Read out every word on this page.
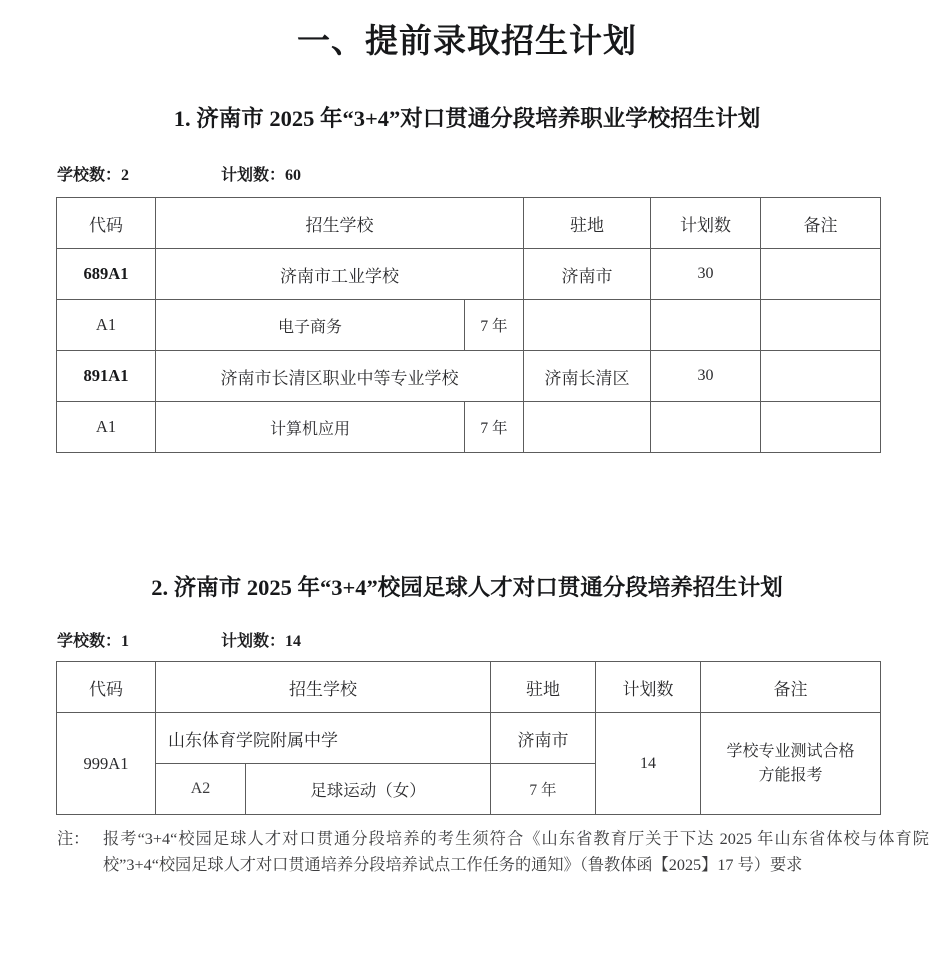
一、提前录取招生计划
1. 济南市 2025 年“3+4”对口贯通分段培养职业学校招生计划
学校数：2	计划数：60
代码	招生学校		驻地	计划数	备注
689A1	济南市工业学校		济南市	30	
A1	电子商务	7 年			
891A1	济南市长清区职业中等专业学校		济南长清区	30	
A1	计算机应用	7 年			
2. 济南市 2025 年“3+4”校园足球人才对口贯通分段培养招生计划
学校数：1	计划数：14
代码	招生学校		驻地	计划数	备注
999A1	山东体育学院附属中学		济南市	14	学校专业测试合格
方能报考

	A2	足球运动（女）	7 年		
注： 报考“3+4“校园足球人才对口贯通分段培养的考生须符合《山东省教育厅关于下达 2025 年山东省体校与体育院校”3+4“校园足球人才对口贯通培养分段培养试点工作任务的通知》（鲁教体函【2025】17 号）要求
